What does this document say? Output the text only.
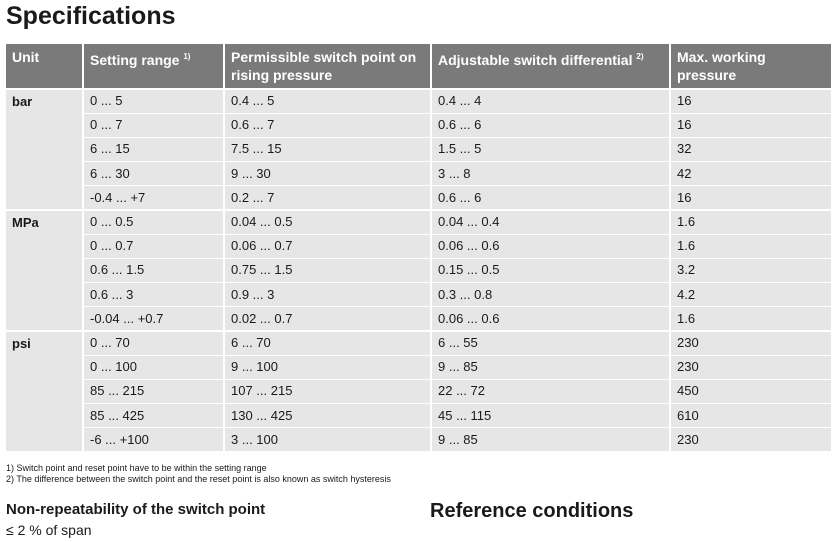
Specifications
Unit	Setting range $^{1)}$	Permissible switch point on rising pressure	Adjustable switch differential $^{2)}$	Max. working pressure
bar	0 ... 5	0.4 ... 5	0.4 ... 4	16
	0 ... 7	0.6 ... 7	0.6 ... 6	16
	6 ... 15	7.5 ... 15	1.5 ... 5	32
	6 ... 30	9 ... 30	3 ... 8	42
	-0.4 ... +7	0.2 ... 7	0.6 ... 6	16
MPa	0 ... 0.5	0.04 ... 0.5	0.04 ... 0.4	1.6
	0 ... 0.7	0.06 ... 0.7	0.06 ... 0.6	1.6
	0.6 ... 1.5	0.75 ... 1.5	0.15 ... 0.5	3.2
	0.6 ... 3	0.9 ... 3	0.3 ... 0.8	4.2
	-0.04 ... +0.7	0.02 ... 0.7	0.06 ... 0.6	1.6
psi	0 ... 70	6 ... 70	6 ... 55	230
	0 ... 100	9 ... 100	9 ... 85	230
	85 ... 215	107 ... 215	22 ... 72	450
	85 ... 425	130 ... 425	45 ... 115	610
	-6 ... +100	3 ... 100	9 ... 85	230
1) Switch point and reset point have to be within the setting range
2) The difference between the switch point and the reset point is also known as switch hysteresis
Non-repeatability of the switch point
≤ 2 % of span
Reference conditions
